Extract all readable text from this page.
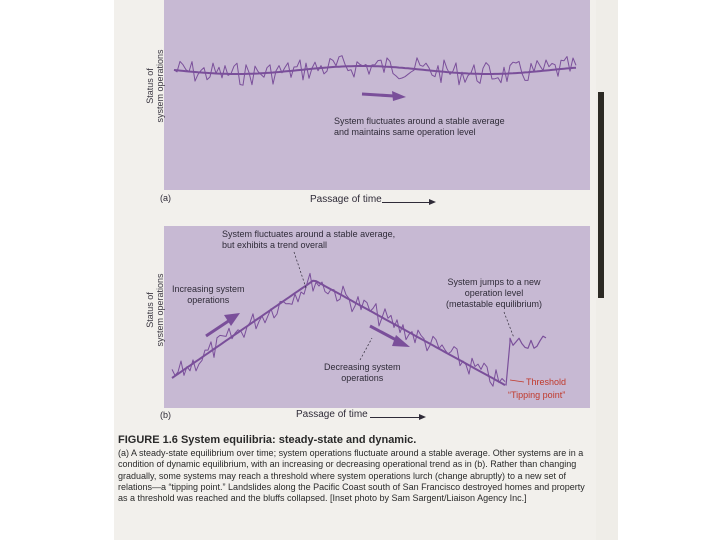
Status of system operations
(a)	Passage of time
System fluctuates around a stable average
and maintains same operation level
Status of system operations
(b)	Passage of time
System fluctuates around a stable average,
but exhibits a trend overall
Increasing system
operations
Decreasing system
operations
System jumps to a new
operation level
(metastable equilibrium)
Threshold
“Tipping point”
FIGURE 1.6 System equilibria: steady-state and dynamic.
(a) A steady-state equilibrium over time; system operations fluctuate around a stable average. Other systems are in a condition of dynamic equilibrium, with an increasing or decreasing operational trend as in (b). Rather than changing gradually, some systems may reach a threshold where system operations lurch (change abruptly) to a new set of relations—a “tipping point.” Landslides along the Pacific Coast south of San Francisco destroyed homes and property as a threshold was reached and the bluffs collapsed. [Inset photo by Sam Sargent/Liaison Agency Inc.]
